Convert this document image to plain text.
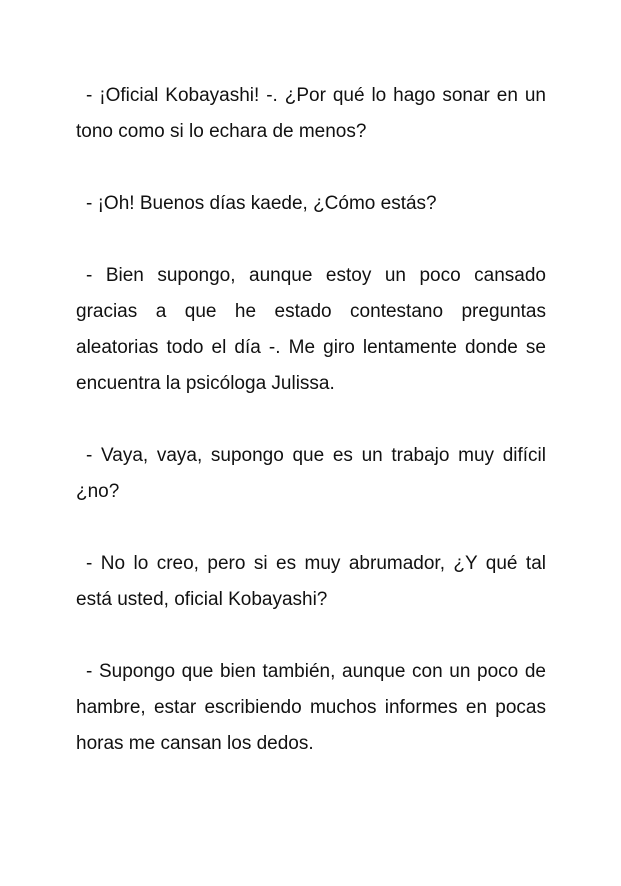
- ¡Oficial Kobayashi! -. ¿Por qué lo hago sonar en un tono como si lo echara de menos?

- ¡Oh! Buenos días kaede, ¿Cómo estás?

- Bien supongo, aunque estoy un poco cansado gracias a que he estado contestano preguntas aleatorias todo el día -. Me giro lentamente donde se encuentra la psicóloga Julissa.

- Vaya, vaya, supongo que es un trabajo muy difícil ¿no?

- No lo creo, pero si es muy abrumador, ¿Y qué tal está usted, oficial Kobayashi?

- Supongo que bien también, aunque con un poco de hambre, estar escribiendo muchos informes en pocas horas me cansan los dedos.
